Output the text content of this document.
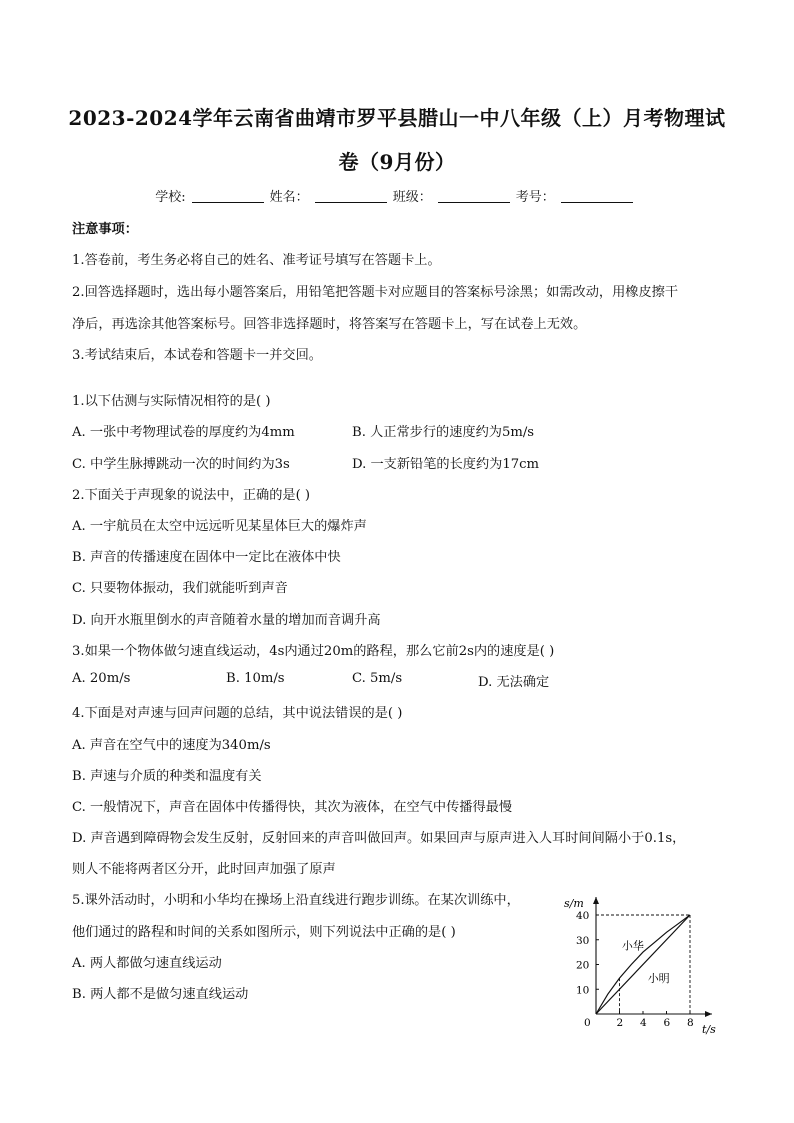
2023-2024学年云南省曲靖市罗平县腊山一中八年级（上）月考物理试
卷（9月份）
学校:	姓名：	班级：	考号：
注意事项：
1.答卷前，考生务必将自己的姓名、准考证号填写在答题卡上。
2.回答选择题时，选出每小题答案后，用铅笔把答题卡对应题目的答案标号涂黑；如需改动，用橡皮擦干
净后，再选涂其他答案标号。回答非选择题时，将答案写在答题卡上，写在试卷上无效。
3.考试结束后，本试卷和答题卡一并交回。
1.以下估测与实际情况相符的是( )
A. 一张中考物理试卷的厚度约为4mm	B. 人正常步行的速度约为5m/s
C. 中学生脉搏跳动一次的时间约为3s	D. 一支新铅笔的长度约为17cm
2.下面关于声现象的说法中，正确的是( )
A. 一宇航员在太空中远远听见某星体巨大的爆炸声
B. 声音的传播速度在固体中一定比在液体中快
C. 只要物体振动，我们就能听到声音
D. 向开水瓶里倒水的声音随着水量的增加而音调升高
3.如果一个物体做匀速直线运动，4s内通过20m的路程，那么它前2s内的速度是( )
A. 20m/s	B. 10m/s	C. 5m/s	D. 无法确定
4.下面是对声速与回声问题的总结，其中说法错误的是( )
A. 声音在空气中的速度为340m/s
B. 声速与介质的种类和温度有关
C. 一般情况下，声音在固体中传播得快，其次为液体，在空气中传播得最慢
D. 声音遇到障碍物会发生反射，反射回来的声音叫做回声。如果回声与原声进入人耳时间间隔小于0.1s，
则人不能将两者区分开，此时回声加强了原声
5.课外活动时，小明和小华均在操场上沿直线进行跑步训练。在某次训练中，
他们通过的路程和时间的关系如图所示，则下列说法中正确的是( )
A. 两人都做匀速直线运动
B. 两人都不是做匀速直线运动
s/m
t/s
0 2 4 6 8
10
20
30
40
小华
小明
